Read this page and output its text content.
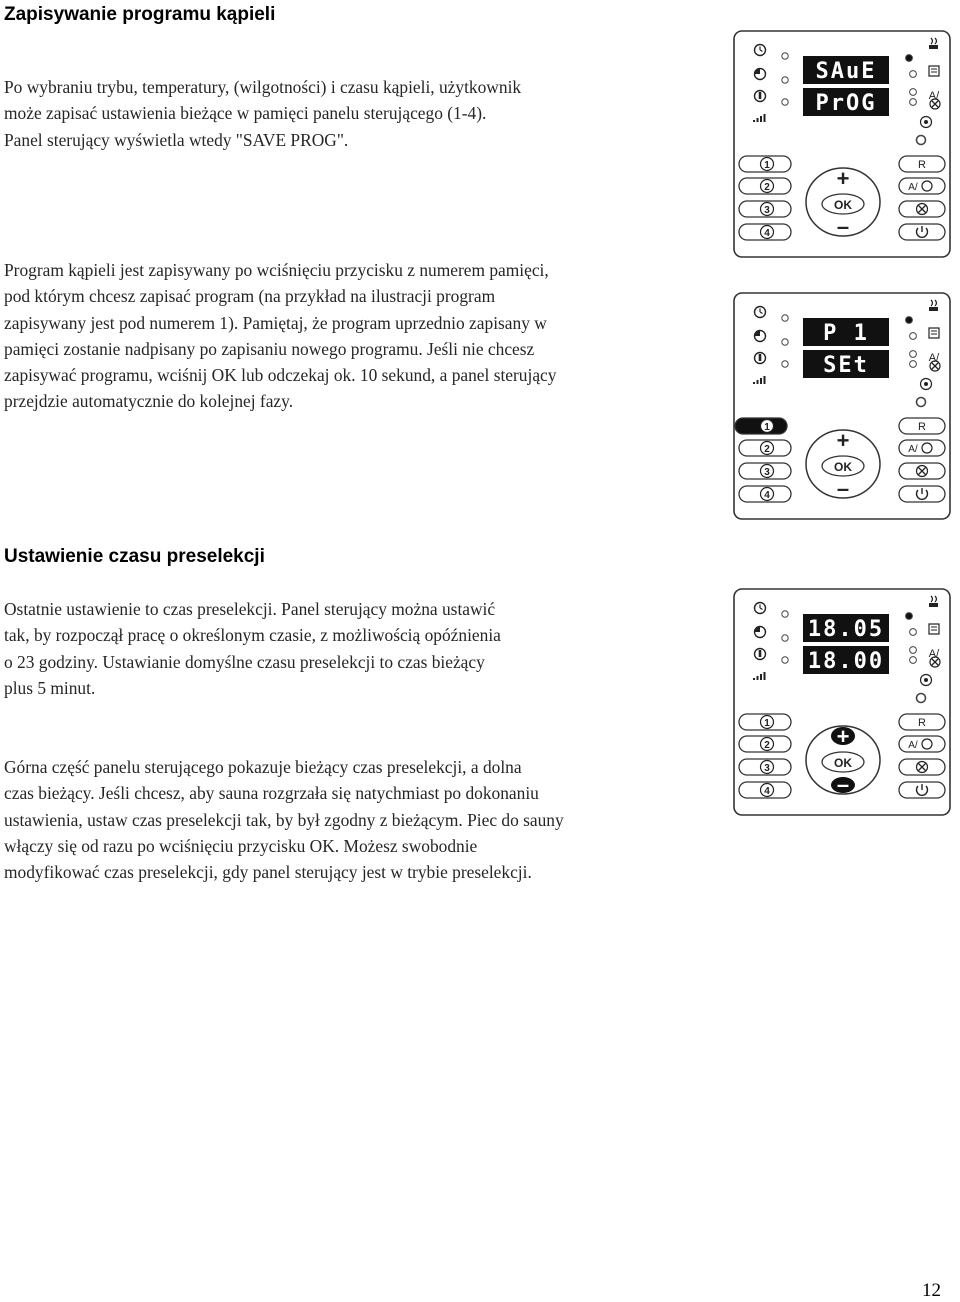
Zapisywanie programu kąpieli

Po wybraniu trybu, temperatury, (wilgotności) i czasu kąpieli, użytkownik
może zapisać ustawienia bieżące w pamięci panelu sterującego (1-4).
Panel sterujący wyświetla wtedy "SAVE PROG".

Program kąpieli jest zapisywany po wciśnięciu przycisku z numerem pamięci,
pod którym chcesz zapisać program (na przykład na ilustracji program
zapisywany jest pod numerem 1). Pamiętaj, że program uprzednio zapisany w
pamięci zostanie nadpisany po zapisaniu nowego programu. Jeśli nie chcesz
zapisywać programu, wciśnij OK lub odczekaj ok. 10 sekund, a panel sterujący
przejdzie automatycznie do kolejnej fazy.

Ustawienie czasu preselekcji

Ostatnie ustawienie to czas preselekcji. Panel sterujący można ustawić
tak, by rozpoczął pracę o określonym czasie, z możliwością opóźnienia
o 23 godziny. Ustawianie domyślne czasu preselekcji to czas bieżący
plus 5 minut.

Górna część panelu sterującego pokazuje bieżący czas preselekcji, a dolna
czas bieżący. Jeśli chcesz, aby sauna rozgrzała się natychmiast po dokonaniu
ustawienia, ustaw czas preselekcji tak, by był zgodny z bieżącym. Piec do sauny
włączy się od razu po wciśnięciu przycisku OK. Możesz swobodnie
modyfikować czas preselekcji, gdy panel sterujący jest w trybie preselekcji.

SAuE
PrOG	A/
1
2
3
4
+
OK
–
R
A/
P 1
SEt	A/
1
2
3
4
+
OK
–
R
A/
18.05
18.00	A/
1
2
3
4
+
OK
–
R
A/
12
